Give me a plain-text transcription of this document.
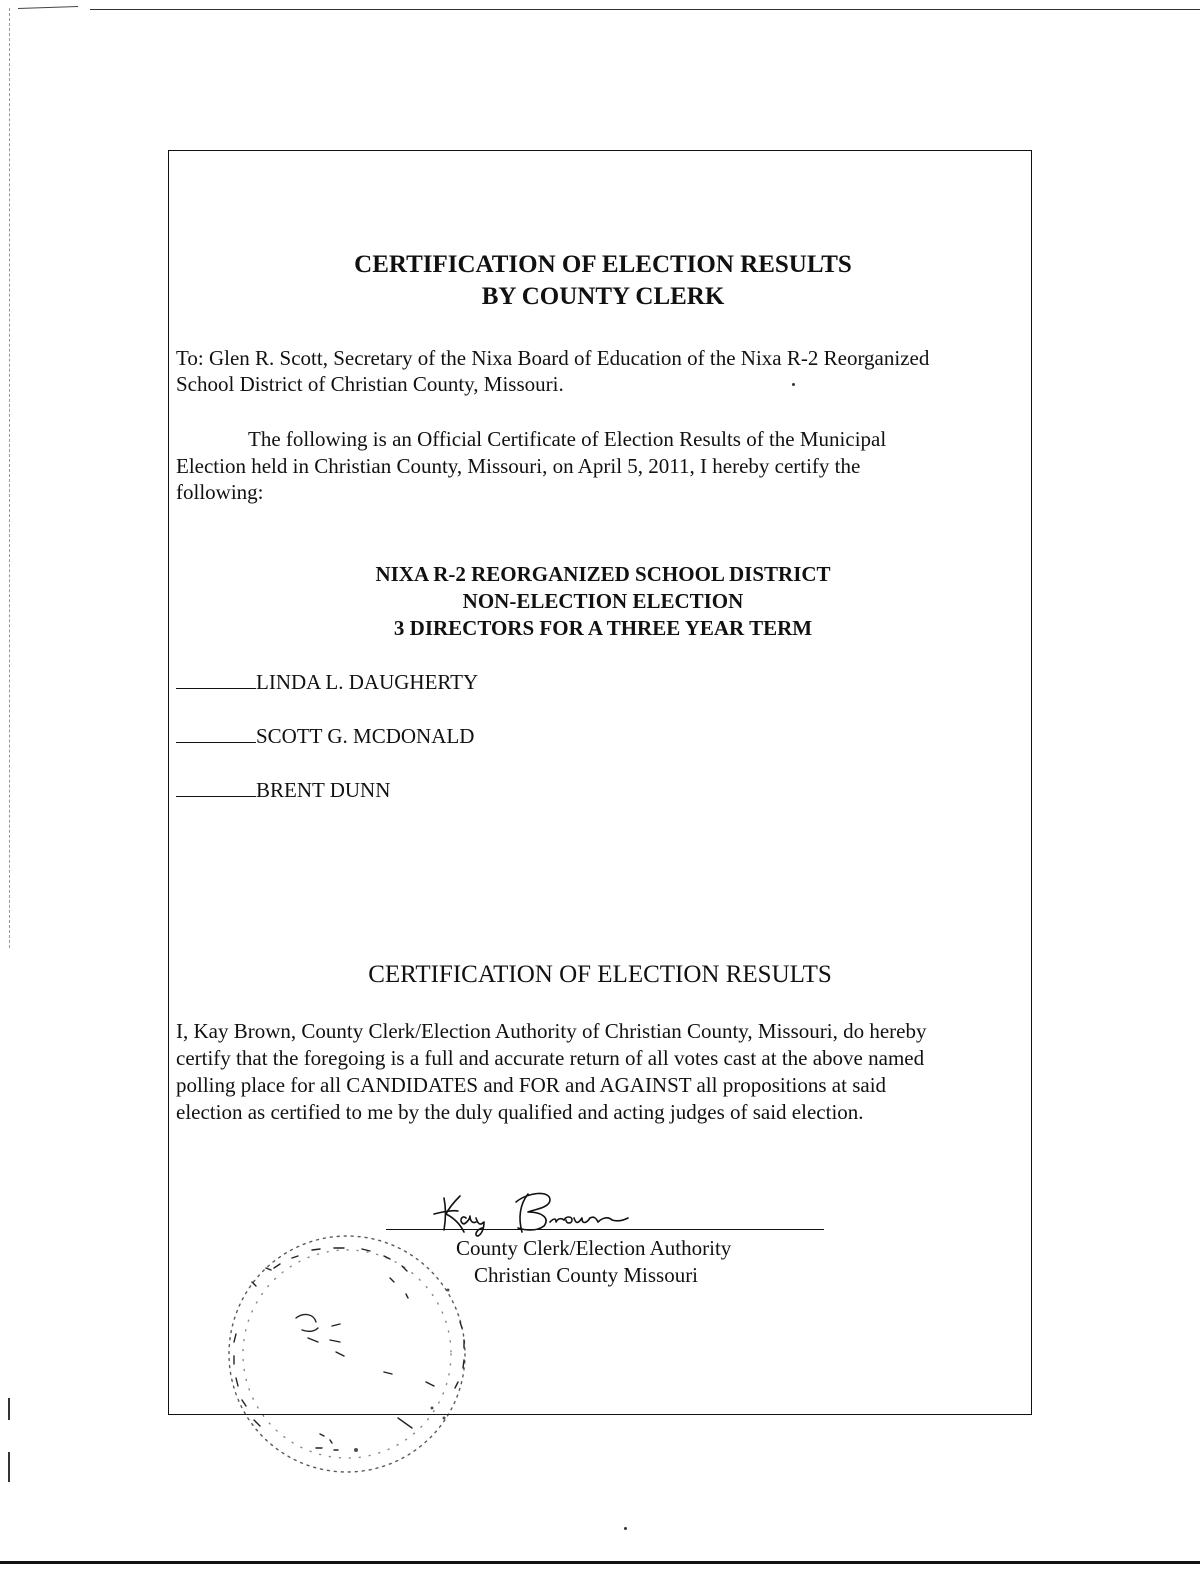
CERTIFICATION OF ELECTION RESULTS
BY COUNTY CLERK
To: Glen R. Scott, Secretary of the Nixa Board of Education of the Nixa R-2 Reorganized
School District of Christian County, Missouri.
The following is an Official Certificate of Election Results of the Municipal
Election held in Christian County, Missouri, on April 5, 2011, I hereby certify the
following:
NIXA R-2 REORGANIZED SCHOOL DISTRICT
NON-ELECTION ELECTION
3 DIRECTORS FOR A THREE YEAR TERM
LINDA L. DAUGHERTY
SCOTT G. MCDONALD
BRENT DUNN
CERTIFICATION OF ELECTION RESULTS
I, Kay Brown, County Clerk/Election Authority of Christian County, Missouri, do hereby
certify that the foregoing is a full and accurate return of all votes cast at the above named
polling place for all CANDIDATES and FOR and AGAINST all propositions at said
election as certified to me by the duly qualified and acting judges of said election.
County Clerk/Election Authority
Christian County Missouri
